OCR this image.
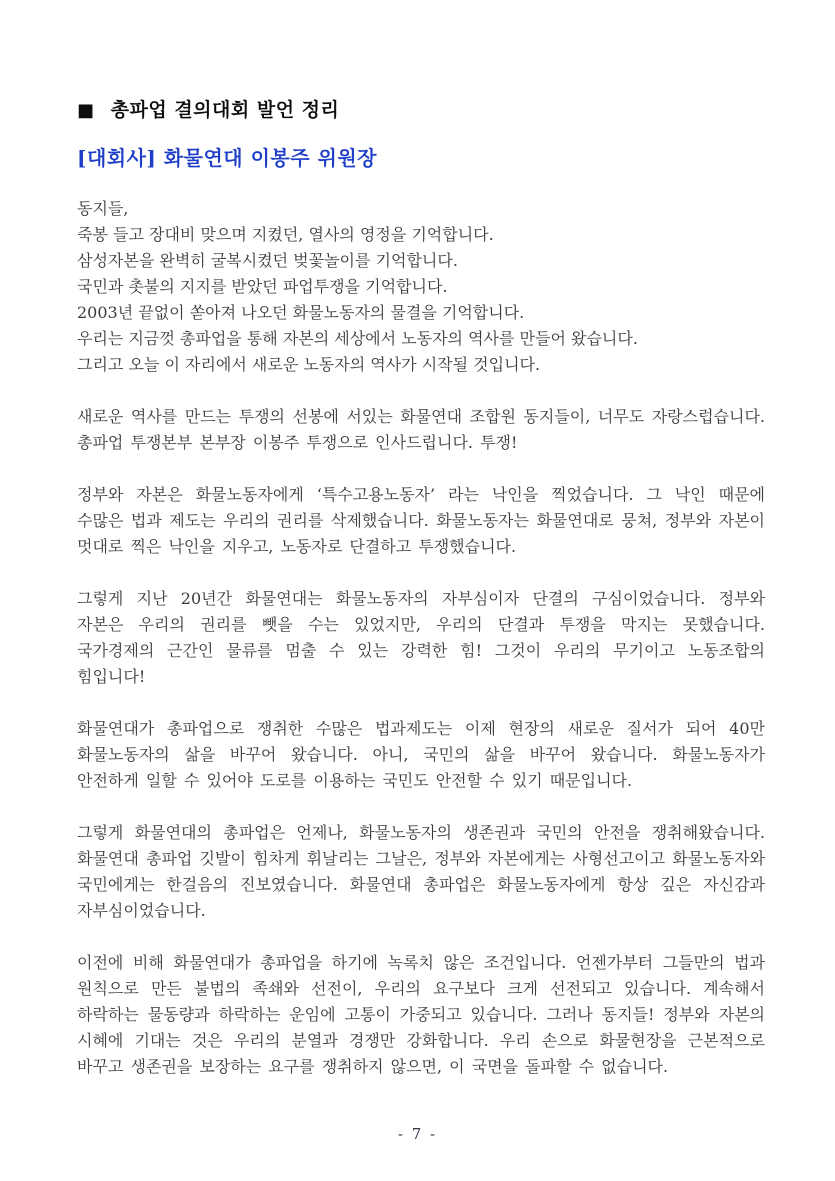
■ 총파업 결의대회 발언 정리
[대회사] 화물연대 이봉주 위원장
동지들,
죽봉 들고 장대비 맞으며 지켰던, 열사의 영정을 기억합니다.
삼성자본을 완벽히 굴복시켰던 벚꽃놀이를 기억합니다.
국민과 촛불의 지지를 받았던 파업투쟁을 기억합니다.
2003년 끝없이 쏟아져 나오던 화물노동자의 물결을 기억합니다.
우리는 지금껏 총파업을 통해 자본의 세상에서 노동자의 역사를 만들어 왔습니다.
그리고 오늘 이 자리에서 새로운 노동자의 역사가 시작될 것입니다.

새로운 역사를 만드는 투쟁의 선봉에 서있는 화물연대 조합원 동지들이, 너무도 자랑스럽습니다. 총파업 투쟁본부 본부장 이봉주 투쟁으로 인사드립니다. 투쟁!

정부와 자본은 화물노동자에게 ‘특수고용노동자’ 라는 낙인을 찍었습니다. 그 낙인 때문에 수많은 법과 제도는 우리의 권리를 삭제했습니다. 화물노동자는 화물연대로 뭉쳐, 정부와 자본이 멋대로 찍은 낙인을 지우고, 노동자로 단결하고 투쟁했습니다.

그렇게 지난 20년간 화물연대는 화물노동자의 자부심이자 단결의 구심이었습니다. 정부와 자본은 우리의 권리를 뺏을 수는 있었지만, 우리의 단결과 투쟁을 막지는 못했습니다. 국가경제의 근간인 물류를 멈출 수 있는 강력한 힘! 그것이 우리의 무기이고 노동조합의 힘입니다!

화물연대가 총파업으로 쟁취한 수많은 법과제도는 이제 현장의 새로운 질서가 되어 40만 화물노동자의 삶을 바꾸어 왔습니다. 아니, 국민의 삶을 바꾸어 왔습니다. 화물노동자가 안전하게 일할 수 있어야 도로를 이용하는 국민도 안전할 수 있기 때문입니다.

그렇게 화물연대의 총파업은 언제나, 화물노동자의 생존권과 국민의 안전을 쟁취해왔습니다. 화물연대 총파업 깃발이 힘차게 휘날리는 그날은, 정부와 자본에게는 사형선고이고 화물노동자와 국민에게는 한걸음의 진보였습니다. 화물연대 총파업은 화물노동자에게 항상 깊은 자신감과 자부심이었습니다.

이전에 비해 화물연대가 총파업을 하기에 녹록치 않은 조건입니다. 언젠가부터 그들만의 법과 원칙으로 만든 불법의 족쇄와 선전이, 우리의 요구보다 크게 선전되고 있습니다. 계속해서 하락하는 물동량과 하락하는 운임에 고통이 가중되고 있습니다. 그러나 동지들! 정부와 자본의 시혜에 기대는 것은 우리의 분열과 경쟁만 강화합니다. 우리 손으로 화물현장을 근본적으로 바꾸고 생존권을 보장하는 요구를 쟁취하지 않으면, 이 국면을 돌파할 수 없습니다.

- 7 -
